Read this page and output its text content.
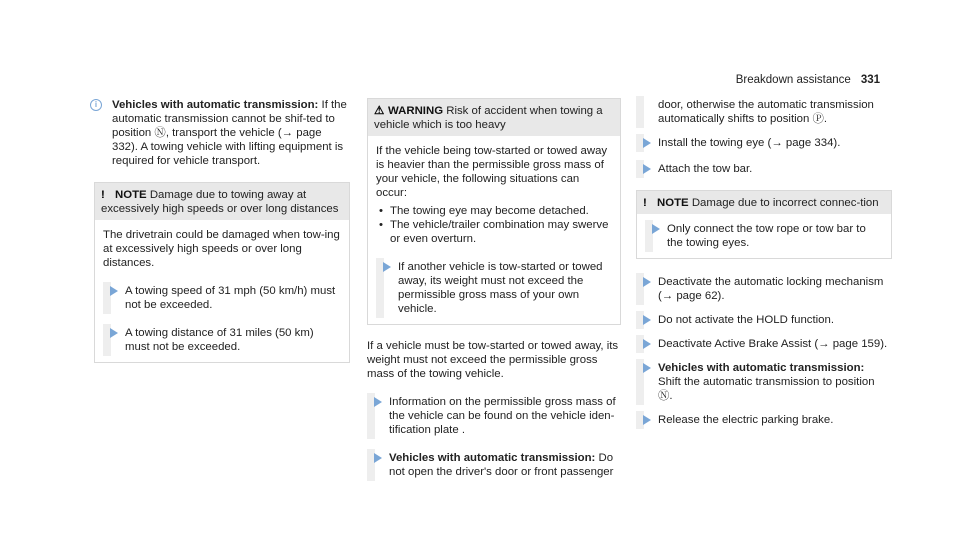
Breakdown assistance 331
i	Vehicles with automatic transmission: If the automatic transmission cannot be shif-ted to position Ⓝ, transport the vehicle (→ page 332). A towing vehicle with lifting equipment is required for vehicle transport.

! NOTE Damage due to towing away at excessively high speeds or over long distances

The drivetrain could be damaged when tow-ing at excessively high speeds or over long distances.

A towing speed of 31 mph (50 km/h) must not be exceeded.

A towing distance of 31 miles (50 km) must not be exceeded.

⚠ WARNING Risk of accident when towing a vehicle which is too heavy

If the vehicle being tow-started or towed away is heavier than the permissible gross mass of your vehicle, the following situations can occur:

• The towing eye may become detached.
• The vehicle/trailer combination may swerve or even overturn.

If another vehicle is tow-started or towed away, its weight must not exceed the permissible gross mass of your own vehicle.

If a vehicle must be tow-started or towed away, its weight must not exceed the permissible gross mass of the towing vehicle.

Information on the permissible gross mass of the vehicle can be found on the vehicle iden-tification plate .

Vehicles with automatic transmission: Do not open the driver's door or front passenger

door, otherwise the automatic transmission automatically shifts to position Ⓟ.

Install the towing eye (→ page 334).

Attach the tow bar.

! NOTE Damage due to incorrect connec-tion

Only connect the tow rope or tow bar to the towing eyes.

Deactivate the automatic locking mechanism (→ page 62).

Do not activate the HOLD function.

Deactivate Active Brake Assist (→ page 159).

Vehicles with automatic transmission:
Shift the automatic transmission to position Ⓝ.

Release the electric parking brake.
